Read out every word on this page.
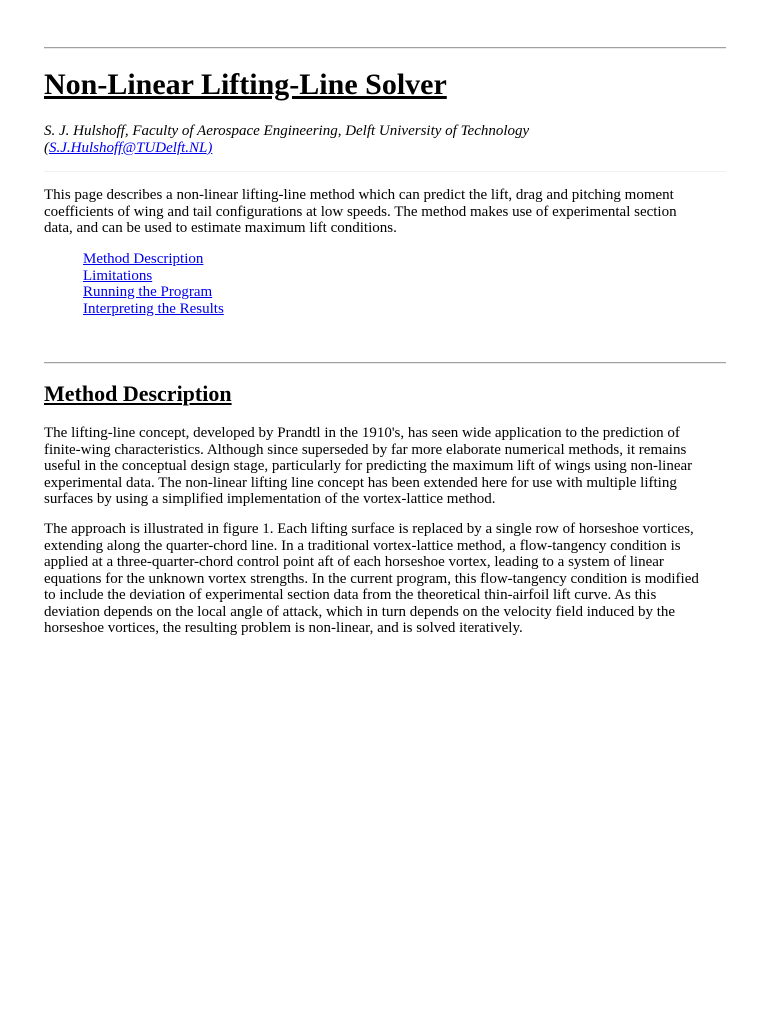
Non-Linear Lifting-Line Solver
S. J. Hulshoff, Faculty of Aerospace Engineering, Delft University of Technology
(S.J.Hulshoff@TUDelft.NL)
This page describes a non-linear lifting-line method which can predict the lift, drag and pitching moment
coefficients of wing and tail configurations at low speeds. The method makes use of experimental section
data, and can be used to estimate maximum lift conditions.
Method Description
Limitations
Running the Program
Interpreting the Results
Method Description
The lifting-line concept, developed by Prandtl in the 1910's, has seen wide application to the prediction of
finite-wing characteristics. Although since superseded by far more elaborate numerical methods, it remains
useful in the conceptual design stage, particularly for predicting the maximum lift of wings using non-linear
experimental data. The non-linear lifting line concept has been extended here for use with multiple lifting
surfaces by using a simplified implementation of the vortex-lattice method.
The approach is illustrated in figure 1. Each lifting surface is replaced by a single row of horseshoe vortices,
extending along the quarter-chord line. In a traditional vortex-lattice method, a flow-tangency condition is
applied at a three-quarter-chord control point aft of each horseshoe vortex, leading to a system of linear
equations for the unknown vortex strengths. In the current program, this flow-tangency condition is modified
to include the deviation of experimental section data from the theoretical thin-airfoil lift curve. As this
deviation depends on the local angle of attack, which in turn depends on the velocity field induced by the
horseshoe vortices, the resulting problem is non-linear, and is solved iteratively.
